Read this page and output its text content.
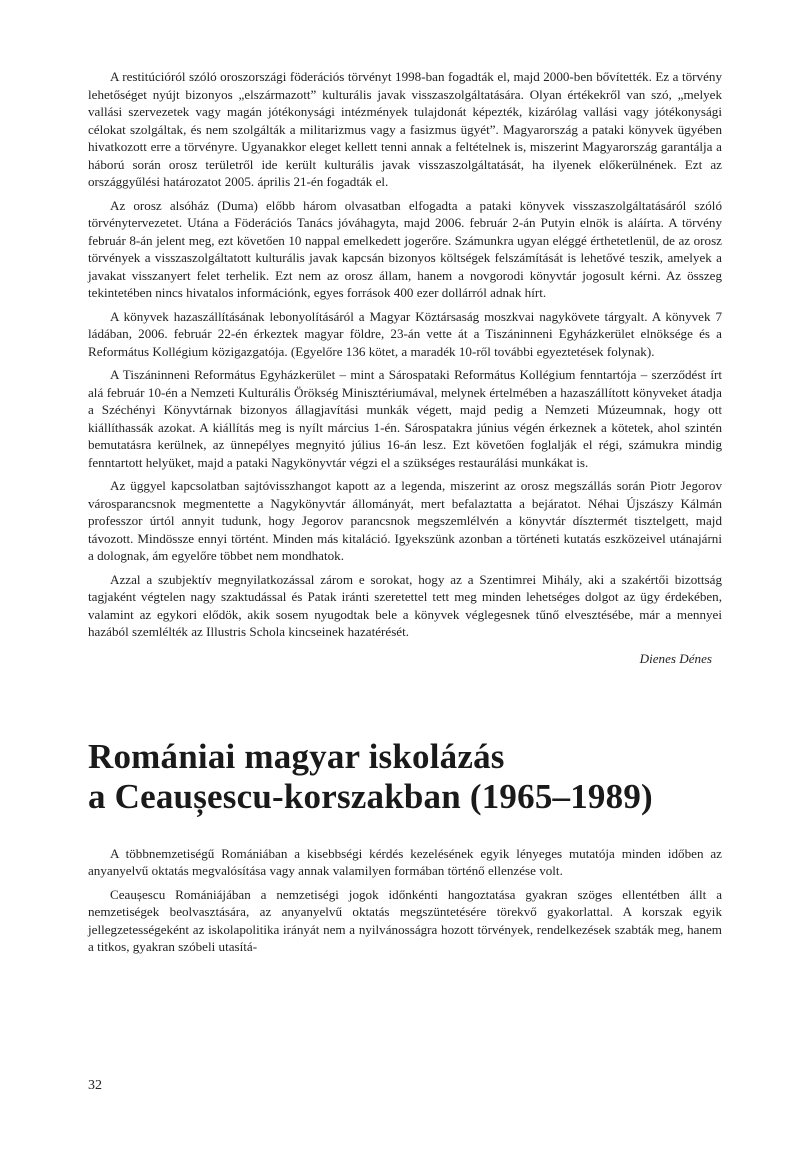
A restitúcióról szóló oroszországi föderációs törvényt 1998-ban fogadták el, majd 2000-ben bővítették. Ez a törvény lehetőséget nyújt bizonyos „elszármazott” kulturális javak visszaszolgáltatására. Olyan értékekről van szó, „melyek vallási szervezetek vagy magán jótékonysági intézmények tulajdonát képezték, kizárólag vallási vagy jótékonysági célokat szolgáltak, és nem szolgálták a militarizmus vagy a fasizmus ügyét”. Magyarország a pataki könyvek ügyében hivatkozott erre a törvényre. Ugyanakkor eleget kellett tenni annak a feltételnek is, miszerint Magyarország garantálja a háború során orosz területről ide került kulturális javak visszaszolgáltatását, ha ilyenek előkerülnének. Ezt az országgyűlési határozatot 2005. április 21-én fogadták el.

Az orosz alsóház (Duma) előbb három olvasatban elfogadta a pataki könyvek visszaszolgáltatásáról szóló törvénytervezetet. Utána a Föderációs Tanács jóváhagyta, majd 2006. február 2-án Putyin elnök is aláírta. A törvény február 8-án jelent meg, ezt követően 10 nappal emelkedett jogerőre. Számunkra ugyan eléggé érthetetlenül, de az orosz törvények a visszaszolgáltatott kulturális javak kapcsán bizonyos költségek felszámítását is lehetővé teszik, amelyek a javakat visszanyert felet terhelik. Ezt nem az orosz állam, hanem a novgorodi könyvtár jogosult kérni. Az összeg tekintetében nincs hivatalos információnk, egyes források 400 ezer dollárról adnak hírt.

A könyvek hazaszállításának lebonyolításáról a Magyar Köztársaság moszkvai nagykövete tárgyalt. A könyvek 7 ládában, 2006. február 22-én érkeztek magyar földre, 23-án vette át a Tiszáninneni Egyházkerület elnöksége és a Református Kollégium közigazgatója. (Egyelőre 136 kötet, a maradék 10-ről további egyeztetések folynak).

A Tiszáninneni Református Egyházkerület – mint a Sárospataki Református Kollégium fenntartója – szerződést írt alá február 10-én a Nemzeti Kulturális Örökség Minisztériumával, melynek értelmében a hazaszállított könyveket átadja a Széchényi Könyvtárnak bizonyos állagjavítási munkák végett, majd pedig a Nemzeti Múzeumnak, hogy ott kiállíthassák azokat. A kiállítás meg is nyílt március 1-én. Sárospatakra június végén érkeznek a kötetek, ahol szintén bemutatásra kerülnek, az ünnepélyes megnyitó július 16-án lesz. Ezt követően foglalják el régi, számukra mindig fenntartott helyüket, majd a pataki Nagykönyvtár végzi el a szükséges restaurálási munkákat is.

Az üggyel kapcsolatban sajtóvisszhangot kapott az a legenda, miszerint az orosz megszállás során Piotr Jegorov városparancsnok megmentette a Nagykönyvtár állományát, mert befalaztatta a bejáratot. Néhai Újszászy Kálmán professzor úrtól annyit tudunk, hogy Jegorov parancsnok megszemlélvén a könyvtár dísztermét tisztelgett, majd távozott. Mindössze ennyi történt. Minden más kitaláció. Igyekszünk azonban a történeti kutatás eszközeivel utánajárni a dolognak, ám egyelőre többet nem mondhatok.

Azzal a szubjektív megnyilatkozással zárom e sorokat, hogy az a Szentimrei Mihály, aki a szakértői bizottság tagjaként végtelen nagy szaktudással és Patak iránti szeretettel tett meg minden lehetséges dolgot az ügy érdekében, valamint az egykori elődök, akik sosem nyugodtak bele a könyvek véglegesnek tűnő elvesztésébe, már a mennyei hazából szemlélték az Illustris Schola kincseinek hazatérését.

Dienes Dénes
Romániai magyar iskolázás
a Ceaușescu-korszakban (1965–1989)

A többnemzetiségű Romániában a kisebbségi kérdés kezelésének egyik lényeges mutatója minden időben az anyanyelvű oktatás megvalósítása vagy annak valamilyen formában történő ellenzése volt.

Ceaușescu Romániájában a nemzetiségi jogok időnkénti hangoztatása gyakran szöges ellentétben állt a nemzetiségek beolvasztására, az anyanyelvű oktatás megszüntetésére törekvő gyakorlattal. A korszak egyik jellegzetességeként az iskolapolitika irányát nem a nyilvánosságra hozott törvények, rendelkezések szabták meg, hanem a titkos, gyakran szóbeli utasítá-

32
